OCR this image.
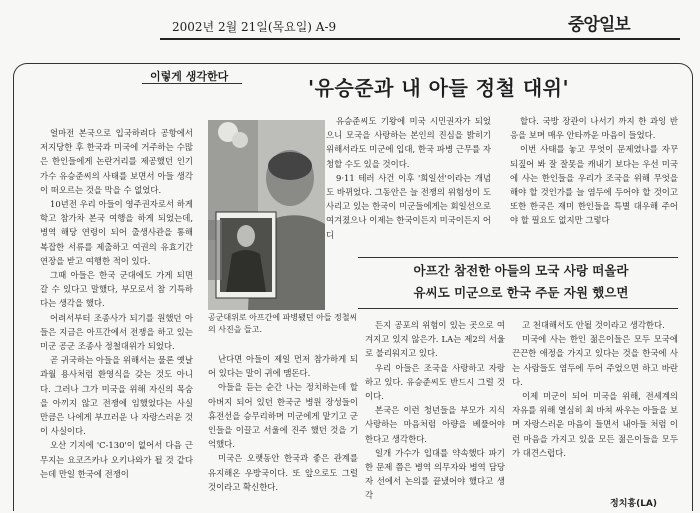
2002년 2월 21일(목요일) A-9	중앙일보
이렇게 생각한다	'유승준과 내 아들 정철 대위'

얼마전 본국으로 입국하려다 공항에서 저지당한 후 한국과 미국에 거주하는 수많은 한인들에게 논란거리를 제공했던 인기가수 유승준씨의 사태를 보면서 아들 생각이 떠오르는 것을 막을 수 없었다.

10년전 우리 아들이 영주권자로서 하게 학고 참가차 본국 여행을 하게 되었는데, 병역 해당 연령이 되어 출생사관을 통해 복잡한 서류를 제출하고 여권의 유효기간 연장을 받고 여행한 적이 있다.

그때 아들은 한국 군대에도 가게 되면 갈 수 있다고 말했다, 부모로서 참 기특하다는 생각을 했다.

어려서부터 조종사가 되기를 원했던 아들은 지금은 아프간에서 전쟁을 하고 있는 미군 공군 조종사 정철대위가 되었다.

곧 귀국하는 아들을 위해서는 물론 옛날 과월 용사처럼 환영식을 갖는 것도 아니다. 그러나 그가 미국을 위해 자신의 목숨을 아끼지 않고 전쟁에 임했었다는 사실 만큼은 나에게 부끄러운 나 자랑스러운 것이 사실이다.

오산 기지에 'C-130'이 없어서 다음 근무지는 요코즈카나 오키나와가 될 것 같다는데 만일 한국에 전쟁이

공군대위로 아프간에 파병됐던 아들 정철씨의 사진을 들고.

난다면 아들이 제일 먼저 참가하게 되어 있다는 말이 귀에 맴돈다.

아들을 듣는 순간 나는 정치하는데 할아버지 되어 있던 한국군 병원 장성들이 휴전선을 승무리하며 미군에게 맡기고 군인들을 이끌고 서울에 진주 했던 것을 기억했다.

미국은 오랫동안 한국과 좋은 관계를 유지해온 우방국이다. 또 앞으로도 그럴 것이라고 확신한다.

유승준씨도 기왕에 미국 시민권자가 되었으니 모국을 사랑하는 본인의 진심을 밝히기 위해서라도 미군에 입대, 한국 파병 근무를 자청할 수도 있을 것이다.

9·11 테러 사건 이후 '희일선'이라는 개념도 바뀌었다. 그동안은 늘 전쟁의 위험성이 도사리고 있는 한국이 미군들에게는 회일선으로 여겨졌으나 이제는 한국이든지 미국이든지 어디

할다. 국방 장관이 나서기 까지 한 과잉 반응을 보며 매우 안타까운 마음이 들었다.

이번 사태를 놓고 무엇이 문제였나를 자꾸 되짚어 봐 잘 잘못을 캐내기 보다는 우선 미국에 사는 한인들을 우리가 조국을 위해 무엇을 해야 할 것인가를 늘 염두에 두어야 할 것이고 또한 한국은 재미 한인들을 특별 대우해 주어야 할 필요도 없지만 그렇다

아프간 참전한 아들의 모국 사랑 떠올라
유씨도 미군으로 한국 주둔 자원 했으면

든지 공포의 위험이 있는 곳으로 여겨지고 있지 않은가. LA는 제2의 서울로 불리워지고 있다.

우리 아들은 조국을 사랑하고 자랑하고 있다. 유승준씨도 반드시 그럴 것이다.

본국은 이런 청년들을 부모가 지식사랑하는 마음처럼 아량을 베풀어야 한다고 생각한다.

일개 가수가 입대를 약속했다 파기한 문제 쯤은 병역 의무자와 병역 담당자 선에서 논의를 끝냈어야 했다고 생각

고 천대해서도 안될 것이라고 생각한다.

미국에 사는 한인 젊은이들은 모두 모국에 끈끈한 애정을 가지고 있다는 것을 한국에 사는 사람들도 염두에 두어 주었으면 하고 바란다.

이제 미군이 되어 미국을 위해, 전세계의 자유를 위해 열심히 최 바쳐 싸우는 아들을 보며 자랑스러운 마음이 들면서 내아들 처럼 이런 마음을 가지고 있을 모든 젊은이들을 모두가 대견스럽다.

정치홍(LA)
